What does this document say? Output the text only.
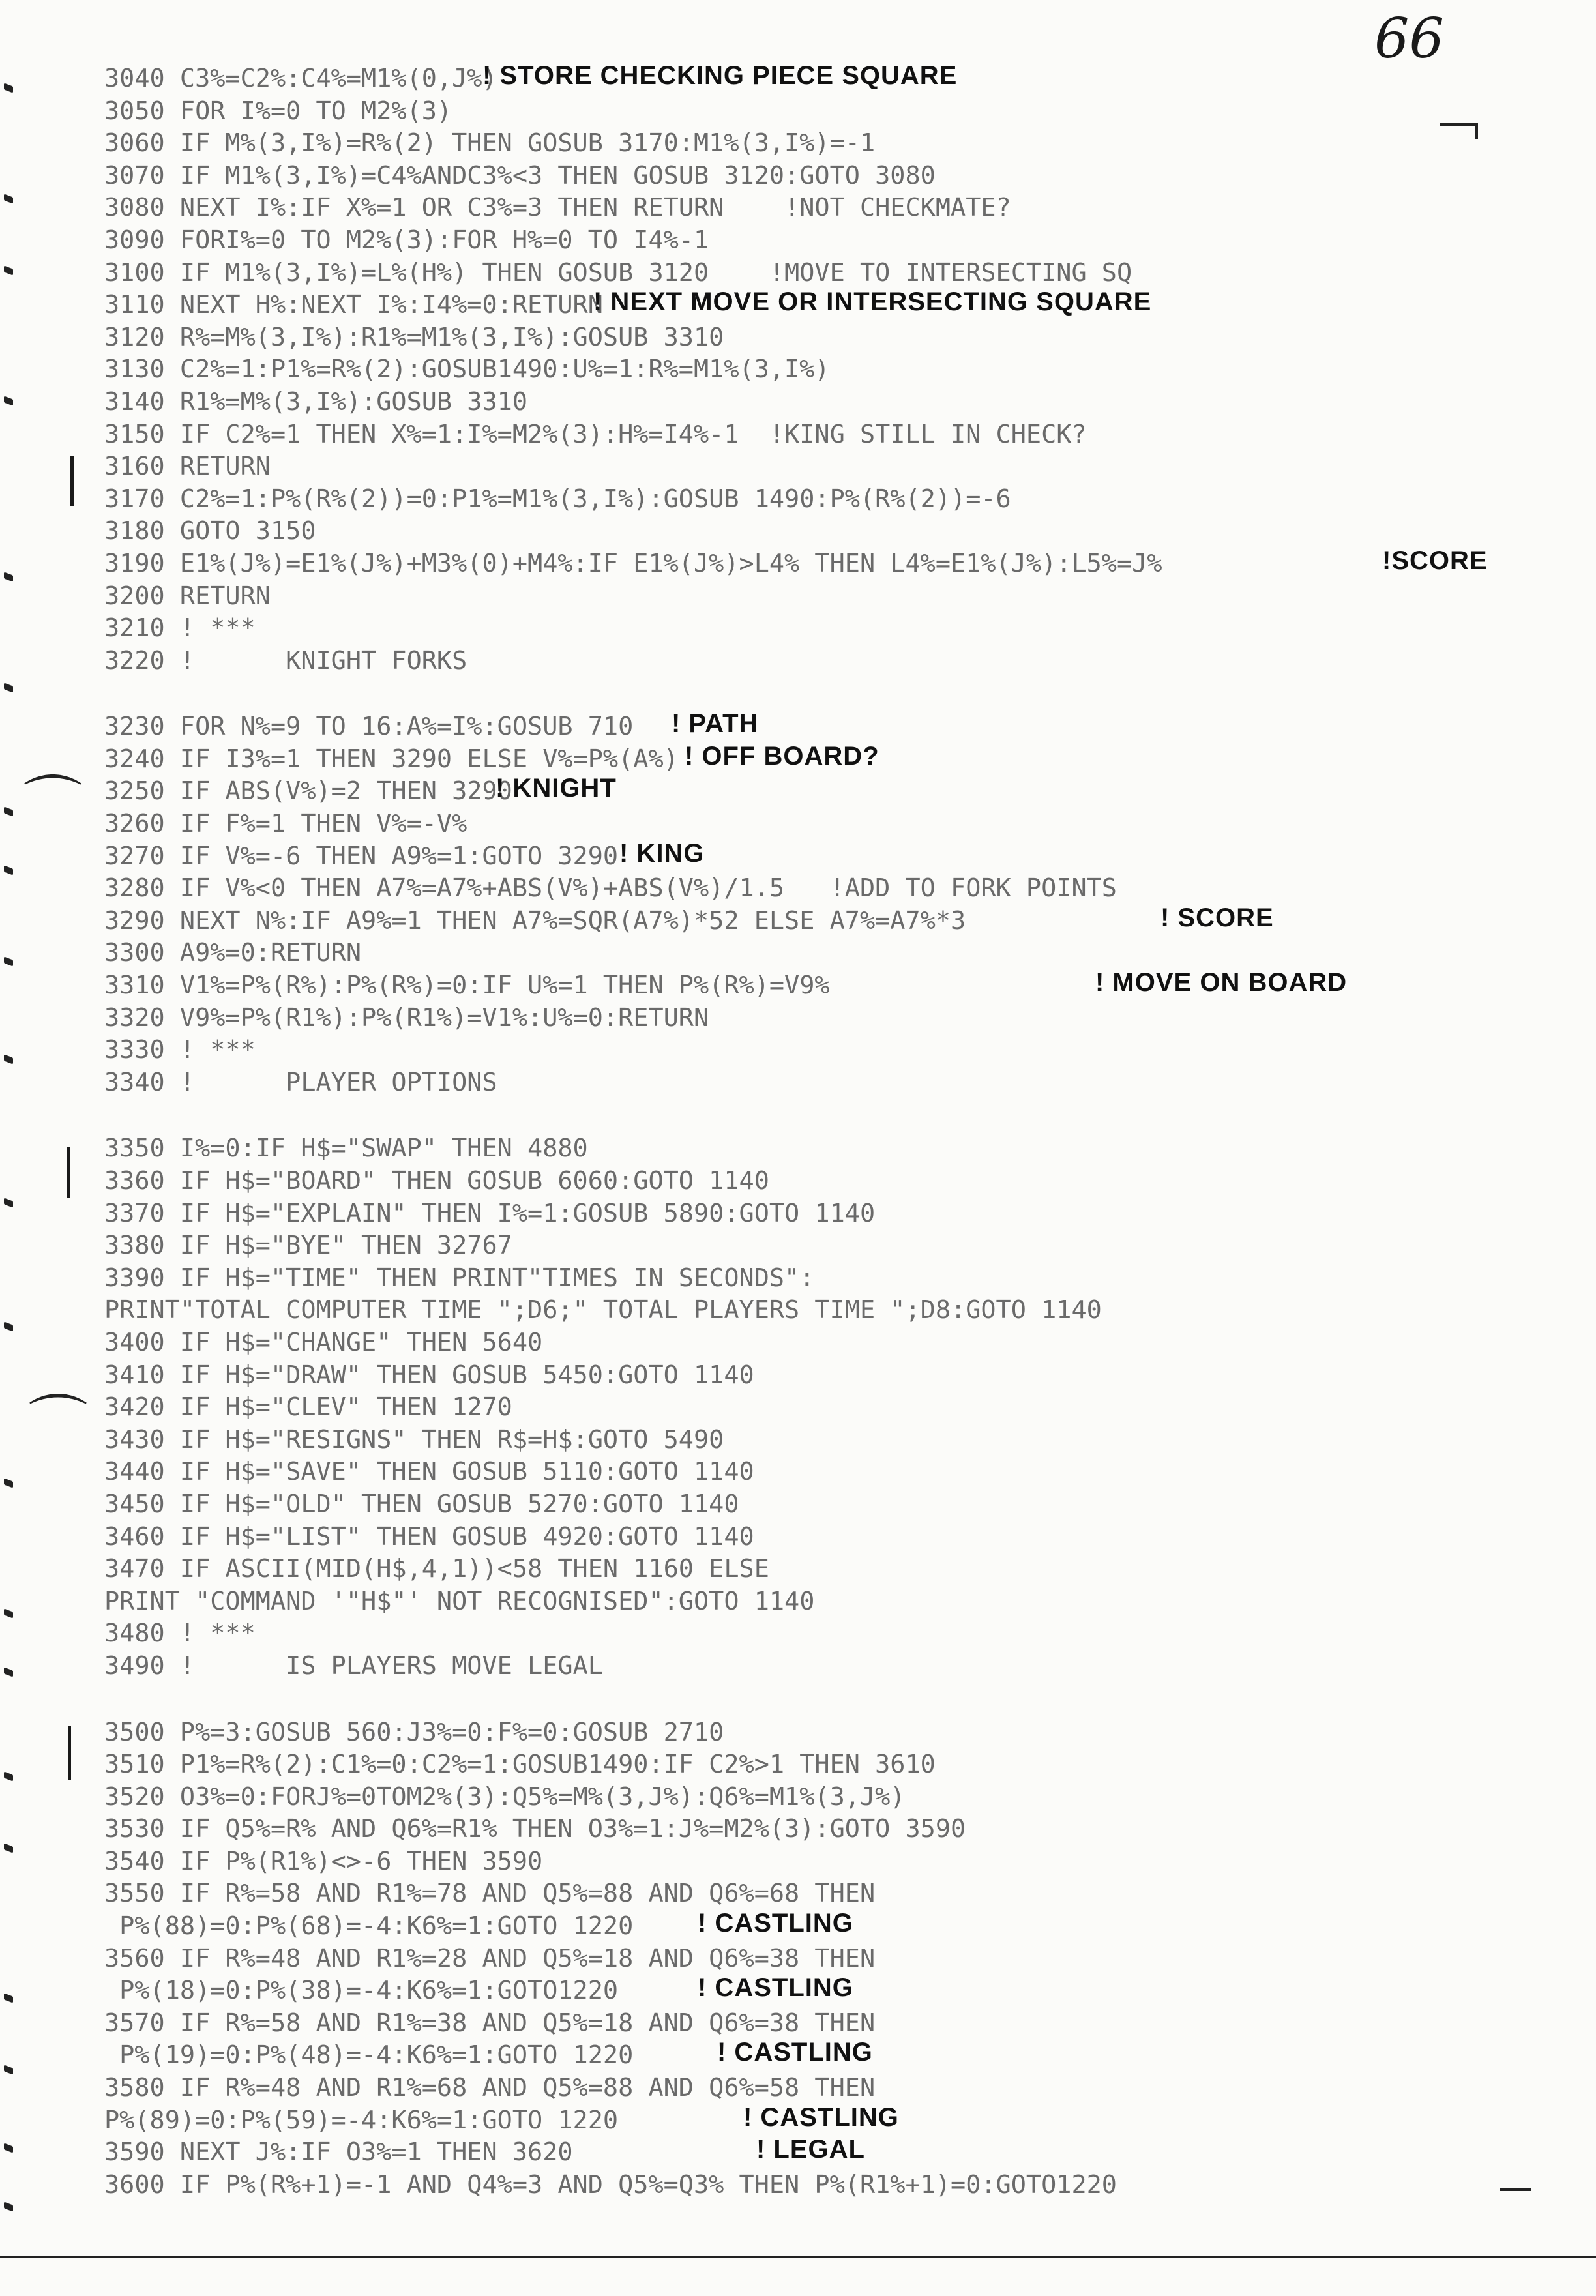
66
3040 C3%=C2%:C4%=M1%(0,J%)
! STORE CHECKING PIECE SQUARE
3050 FOR I%=0 TO M2%(3)
3060 IF M%(3,I%)=R%(2) THEN GOSUB 3170:M1%(3,I%)=-1
3070 IF M1%(3,I%)=C4%ANDC3%<3 THEN GOSUB 3120:GOTO 3080
3080 NEXT I%:IF X%=1 OR C3%=3 THEN RETURN    !NOT CHECKMATE?
3090 FORI%=0 TO M2%(3):FOR H%=0 TO I4%-1
3100 IF M1%(3,I%)=L%(H%) THEN GOSUB 3120    !MOVE TO INTERSECTING SQ
3110 NEXT H%:NEXT I%:I4%=0:RETURN
! NEXT MOVE OR INTERSECTING SQUARE
3120 R%=M%(3,I%):R1%=M1%(3,I%):GOSUB 3310
3130 C2%=1:P1%=R%(2):GOSUB1490:U%=1:R%=M1%(3,I%)
3140 R1%=M%(3,I%):GOSUB 3310
3150 IF C2%=1 THEN X%=1:I%=M2%(3):H%=I4%-1  !KING STILL IN CHECK?
3160 RETURN
3170 C2%=1:P%(R%(2))=0:P1%=M1%(3,I%):GOSUB 1490:P%(R%(2))=-6
3180 GOTO 3150
3190 E1%(J%)=E1%(J%)+M3%(0)+M4%:IF E1%(J%)>L4% THEN L4%=E1%(J%):L5%=J%	!SCORE
3200 RETURN
3210 ! ***
3220 !      KNIGHT FORKS
3230 FOR N%=9 TO 16:A%=I%:GOSUB 710 ! PATH
3240 IF I3%=1 THEN 3290 ELSE V%=P%(A%) ! OFF BOARD?
3250 IF ABS(V%)=2 THEN 3290
! KNIGHT
3260 IF F%=1 THEN V%=-V%
3270 IF V%=-6 THEN A9%=1:GOTO 3290 ! KING
3280 IF V%<0 THEN A7%=A7%+ABS(V%)+ABS(V%)/1.5   !ADD TO FORK POINTS
3290 NEXT N%:IF A9%=1 THEN A7%=SQR(A7%)*52 ELSE A7%=A7%*3	! SCORE
3300 A9%=0:RETURN
3310 V1%=P%(R%):P%(R%)=0:IF U%=1 THEN P%(R%)=V9%	! MOVE ON BOARD
3320 V9%=P%(R1%):P%(R1%)=V1%:U%=0:RETURN
3330 ! ***
3340 !      PLAYER OPTIONS
3350 I%=0:IF H$="SWAP" THEN 4880
3360 IF H$="BOARD" THEN GOSUB 6060:GOTO 1140
3370 IF H$="EXPLAIN" THEN I%=1:GOSUB 5890:GOTO 1140
3380 IF H$="BYE" THEN 32767
3390 IF H$="TIME" THEN PRINT"TIMES IN SECONDS":
PRINT"TOTAL COMPUTER TIME ";D6;" TOTAL PLAYERS TIME ";D8:GOTO 1140
3400 IF H$="CHANGE" THEN 5640
3410 IF H$="DRAW" THEN GOSUB 5450:GOTO 1140
3420 IF H$="CLEV" THEN 1270
3430 IF H$="RESIGNS" THEN R$=H$:GOTO 5490
3440 IF H$="SAVE" THEN GOSUB 5110:GOTO 1140
3450 IF H$="OLD" THEN GOSUB 5270:GOTO 1140
3460 IF H$="LIST" THEN GOSUB 4920:GOTO 1140
3470 IF ASCII(MID(H$,4,1))<58 THEN 1160 ELSE
PRINT "COMMAND '"H$"' NOT RECOGNISED":GOTO 1140
3480 ! ***
3490 !      IS PLAYERS MOVE LEGAL
3500 P%=3:GOSUB 560:J3%=0:F%=0:GOSUB 2710
3510 P1%=R%(2):C1%=0:C2%=1:GOSUB1490:IF C2%>1 THEN 3610
3520 O3%=0:FORJ%=0TOM2%(3):Q5%=M%(3,J%):Q6%=M1%(3,J%)
3530 IF Q5%=R% AND Q6%=R1% THEN O3%=1:J%=M2%(3):GOTO 3590
3540 IF P%(R1%)<>-6 THEN 3590
3550 IF R%=58 AND R1%=78 AND Q5%=88 AND Q6%=68 THEN
P%(88)=0:P%(68)=-4:K6%=1:GOTO 1220 ! CASTLING
3560 IF R%=48 AND R1%=28 AND Q5%=18 AND Q6%=38 THEN
P%(18)=0:P%(38)=-4:K6%=1:GOTO1220	! CASTLING
3570 IF R%=58 AND R1%=38 AND Q5%=18 AND Q6%=38 THEN
P%(19)=0:P%(48)=-4:K6%=1:GOTO 1220	! CASTLING
3580 IF R%=48 AND R1%=68 AND Q5%=88 AND Q6%=58 THEN
P%(89)=0:P%(59)=-4:K6%=1:GOTO 1220	! CASTLING
3590 NEXT J%:IF O3%=1 THEN 3620	! LEGAL
3600 IF P%(R%+1)=-1 AND Q4%=3 AND Q5%=Q3% THEN P%(R1%+1)=0:GOTO1220
⌒
⌒
